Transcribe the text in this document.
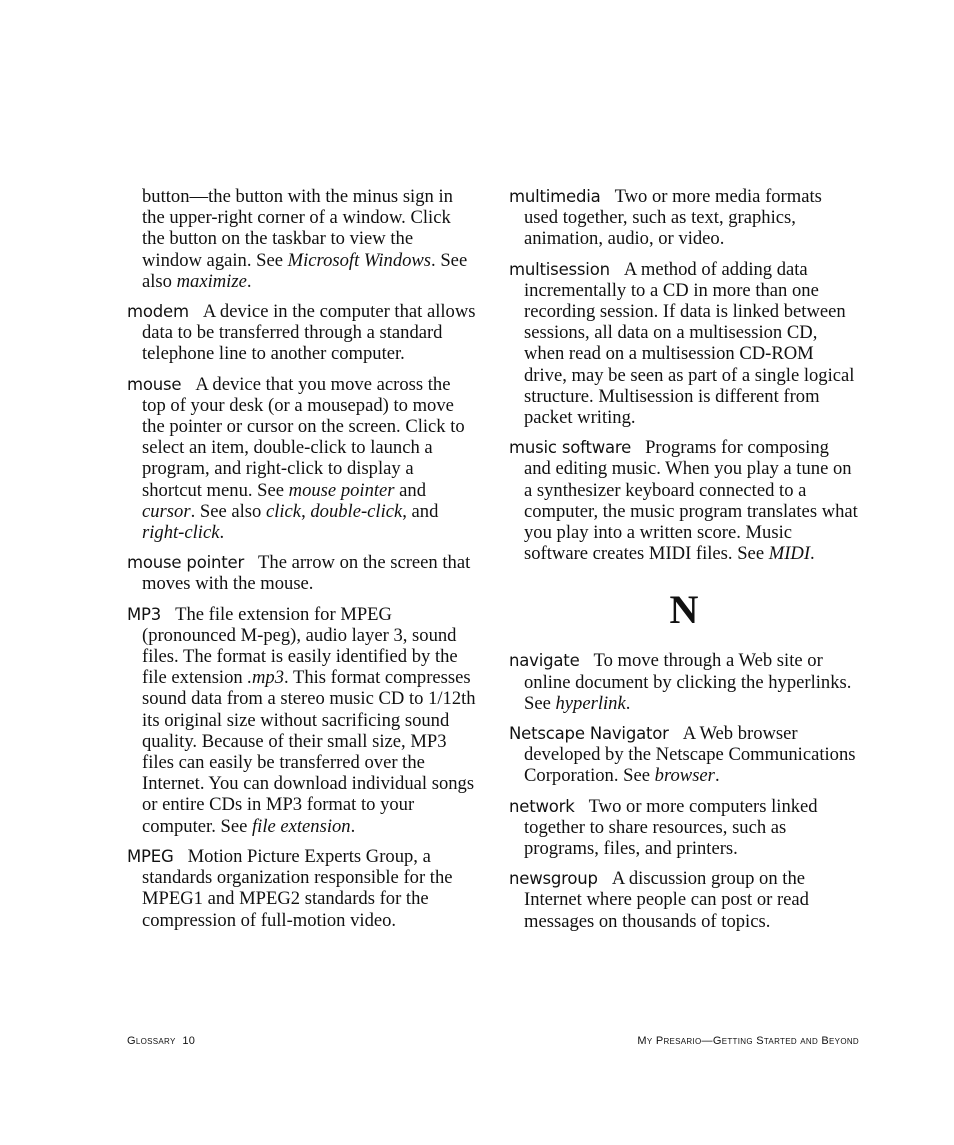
button—the button with the minus sign in the upper-right corner of a window. Click the button on the taskbar to view the window again. See Microsoft Windows. See also maximize.

modem A device in the computer that allows data to be transferred through a standard telephone line to another computer.

mouse A device that you move across the top of your desk (or a mousepad) to move the pointer or cursor on the screen. Click to select an item, double-click to launch a program, and right-click to display a shortcut menu. See mouse pointer and cursor. See also click, double-click, and right-click.

mouse pointer The arrow on the screen that moves with the mouse.

MP3 The file extension for MPEG (pronounced M-peg), audio layer 3, sound files. The format is easily identified by the file extension .mp3. This format compresses sound data from a stereo music CD to 1/12th its original size without sacrificing sound quality. Because of their small size, MP3 files can easily be transferred over the Internet. You can download individual songs or entire CDs in MP3 format to your computer. See file extension.

MPEG Motion Picture Experts Group, a standards organization responsible for the MPEG1 and MPEG2 standards for the compression of full-motion video.

multimedia Two or more media formats used together, such as text, graphics, animation, audio, or video.

multisession A method of adding data incrementally to a CD in more than one recording session. If data is linked between sessions, all data on a multisession CD, when read on a multisession CD-ROM drive, may be seen as part of a single logical structure. Multisession is different from packet writing.

music software Programs for composing and editing music. When you play a tune on a synthesizer keyboard connected to a computer, the music program translates what you play into a written score. Music software creates MIDI files. See MIDI.

N

navigate To move through a Web site or online document by clicking the hyperlinks. See hyperlink.

Netscape Navigator A Web browser developed by the Netscape Communications Corporation. See browser.

network Two or more computers linked together to share resources, such as programs, files, and printers.

newsgroup A discussion group on the Internet where people can post or read messages on thousands of topics.

Glossary  10	My Presario—Getting Started and Beyond
